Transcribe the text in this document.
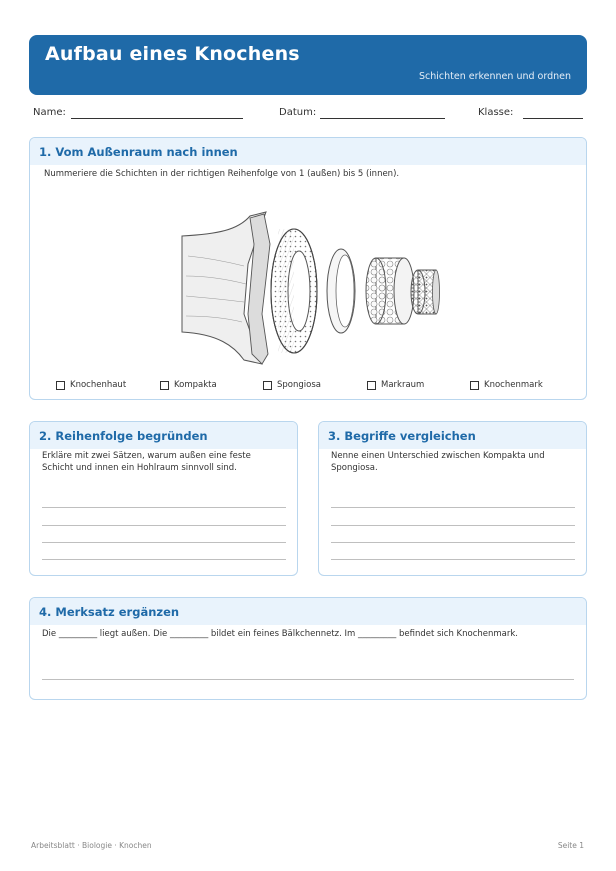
Aufbau eines Knochens
Schichten erkennen und ordnen
Name:	Datum:	Klasse:
1. Vom Außenraum nach innen
Nummeriere die Schichten in der richtigen Reihenfolge von 1 (außen) bis 5 (innen).
Knochenhaut	Kompakta	Spongiosa	Markraum	Knochenmark
2. Reihenfolge begründen
Erkläre mit zwei Sätzen, warum außen eine feste Schicht und innen ein Hohlraum sinnvoll sind.
3. Begriffe vergleichen
Nenne einen Unterschied zwischen Kompakta und Spongiosa.
4. Merksatz ergänzen
Die _________ liegt außen. Die _________ bildet ein feines Bälkchennetz. Im _________ befindet sich Knochenmark.
Arbeitsblatt · Biologie · Knochen	Seite 1
